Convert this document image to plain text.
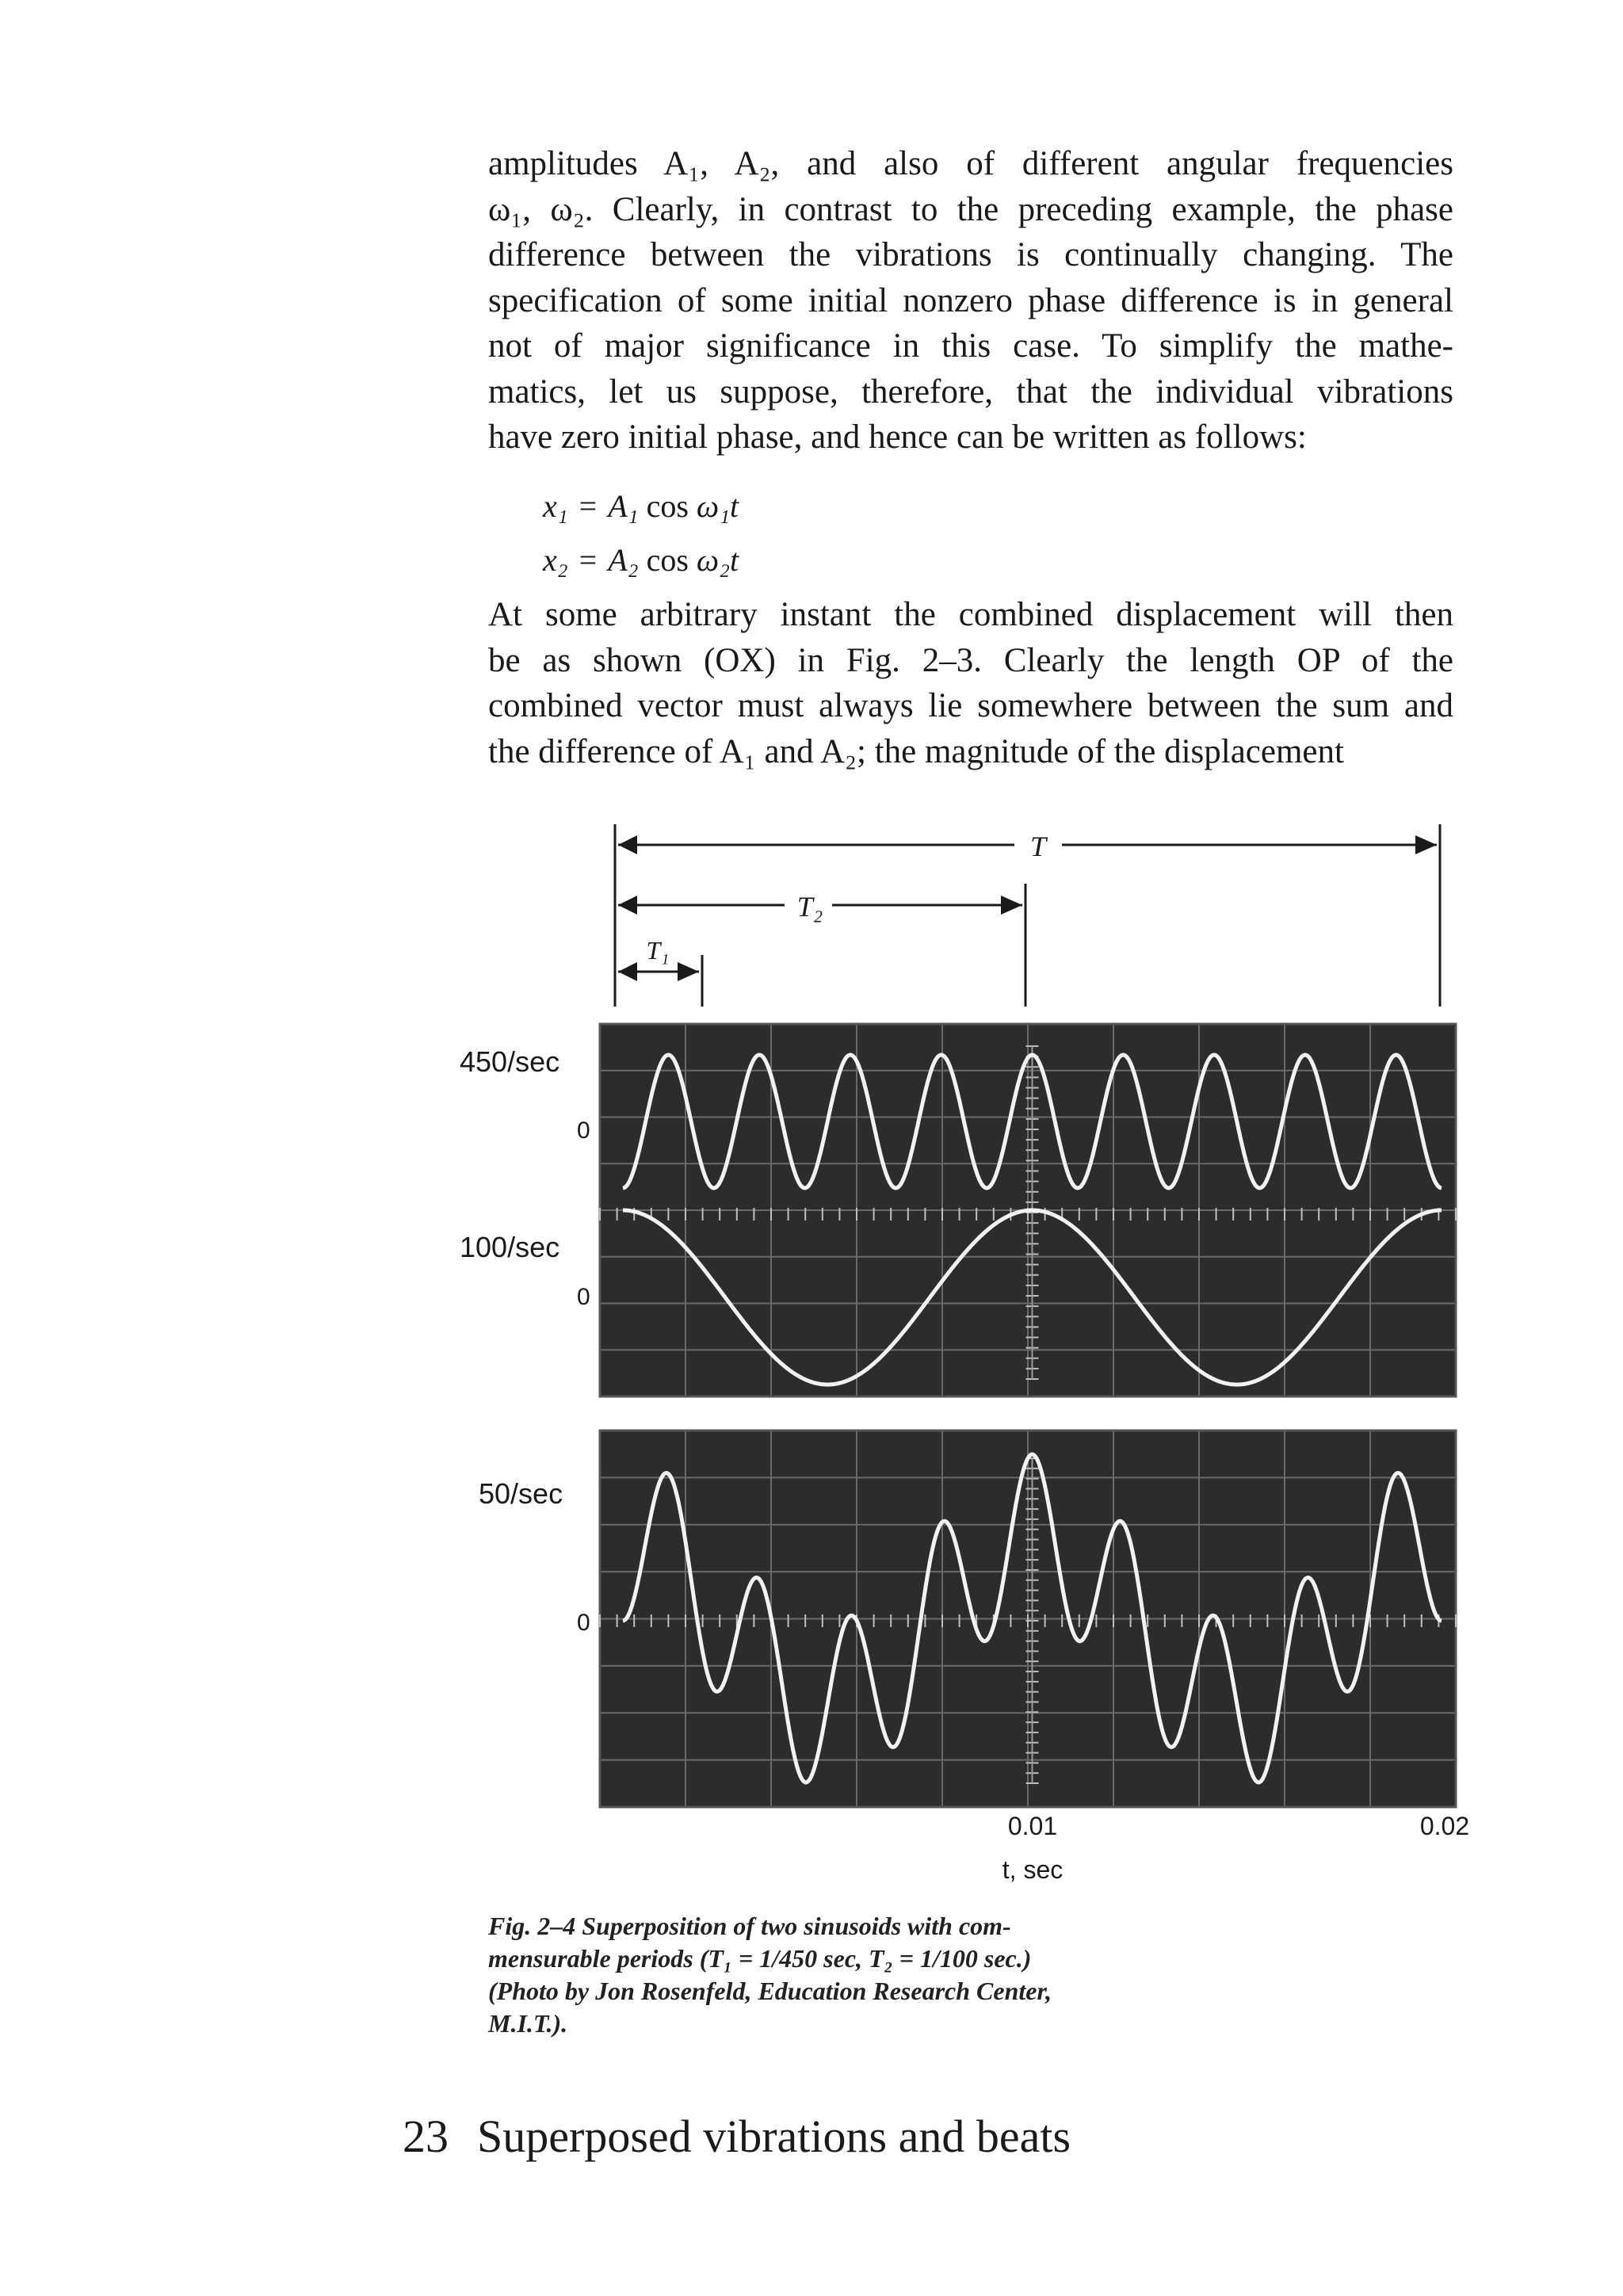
amplitudes A₁, A₂, and also of different angular frequencies
ω₁, ω₂. Clearly, in contrast to the preceding example, the phase
difference between the vibrations is continually changing. The
specification of some initial nonzero phase difference is in general
not of major significance in this case. To simplify the mathe-
matics, let us suppose, therefore, that the individual vibrations
have zero initial phase, and hence can be written as follows:
x₁ = A₁ cos ω₁t
x₂ = A₂ cos ω₂t
At some arbitrary instant the combined displacement will then
be as shown (OX) in Fig. 2–3. Clearly the length OP of the
combined vector must always lie somewhere between the sum and
the difference of A₁ and A₂; the magnitude of the displacement
T
T₂
T₁
450/sec
0
100/sec
0
50/sec
0
0.01	0.02
t, sec
Fig. 2–4 Superposition of two sinusoids with com-
mensurable periods (T₁ = 1/450 sec, T₂ = 1/100 sec.)
(Photo by Jon Rosenfeld, Education Research Center,
M.I.T.).
23 Superposed vibrations and beats
